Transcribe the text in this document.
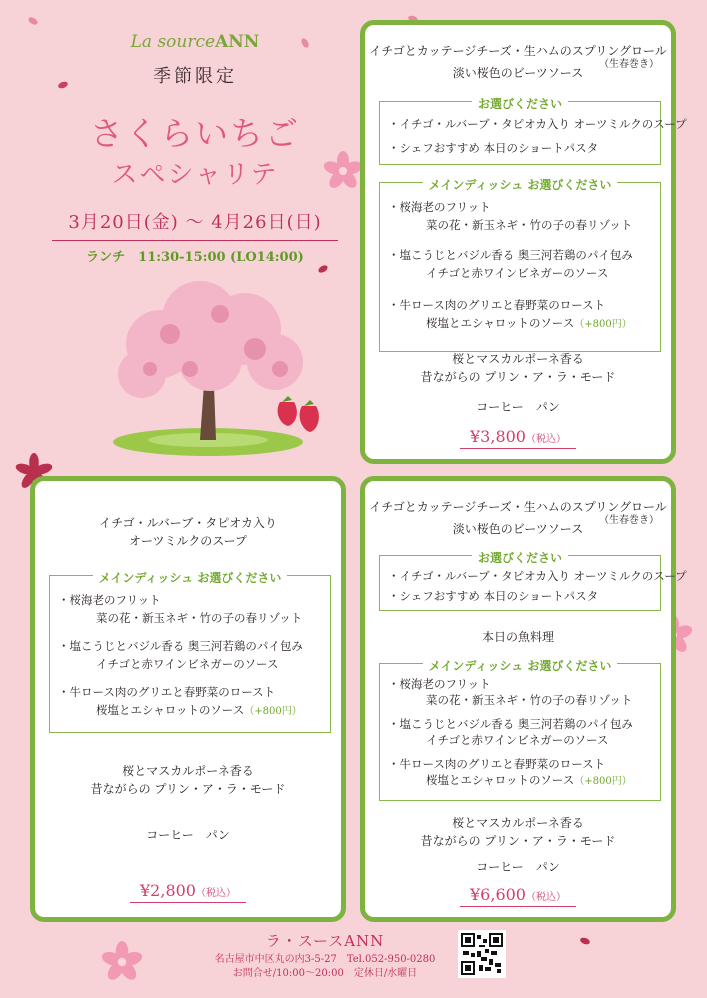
La sourceANN
季節限定
さくらいちご
スペシャリテ
3月20日(金) 〜 4月26日(日)
ランチ　11:30-15:00 (LO14:00)
イチゴとカッテージチーズ・生ハムのスプリングロール
（生春巻き）
淡い桜色のビーツソース
お選びください
・イチゴ・ルバーブ・タピオカ入り オーツミルクのスープ
・シェフおすすめ 本日のショートパスタ
メインディッシュ お選びください
・桜海老のフリット
菜の花・新玉ネギ・竹の子の春リゾット
・塩こうじとバジル香る 奥三河若鶏のパイ包み
イチゴと赤ワインビネガーのソース
・牛ロース肉のグリエと春野菜のロースト
桜塩とエシャロットのソース（+800円）
桜とマスカルポーネ香る
昔ながらの プリン・ア・ラ・モード
コーヒー　パン
¥3,800（税込）
イチゴ・ルバーブ・タピオカ入り
オーツミルクのスープ
メインディッシュ お選びください
・桜海老のフリット
菜の花・新玉ネギ・竹の子の春リゾット
・塩こうじとバジル香る 奥三河若鶏のパイ包み
イチゴと赤ワインビネガーのソース
・牛ロース肉のグリエと春野菜のロースト
桜塩とエシャロットのソース（+800円）
桜とマスカルポーネ香る
昔ながらの プリン・ア・ラ・モード
コーヒー　パン
¥2,800（税込）
イチゴとカッテージチーズ・生ハムのスプリングロール
（生春巻き）
淡い桜色のビーツソース
お選びください
・イチゴ・ルバーブ・タピオカ入り オーツミルクのスープ
・シェフおすすめ 本日のショートパスタ
本日の魚料理
メインディッシュ お選びください
・桜海老のフリット
菜の花・新玉ネギ・竹の子の春リゾット
・塩こうじとバジル香る 奥三河若鶏のパイ包み
イチゴと赤ワインビネガーのソース
・牛ロース肉のグリエと春野菜のロースト
桜塩とエシャロットのソース（+800円）
桜とマスカルポーネ香る
昔ながらの プリン・ア・ラ・モード
コーヒー　パン
¥6,600（税込）
ラ・スースANN
名古屋市中区丸の内3-5-27　Tel.052-950-0280
お問合せ/10:00〜20:00　定休日/水曜日
